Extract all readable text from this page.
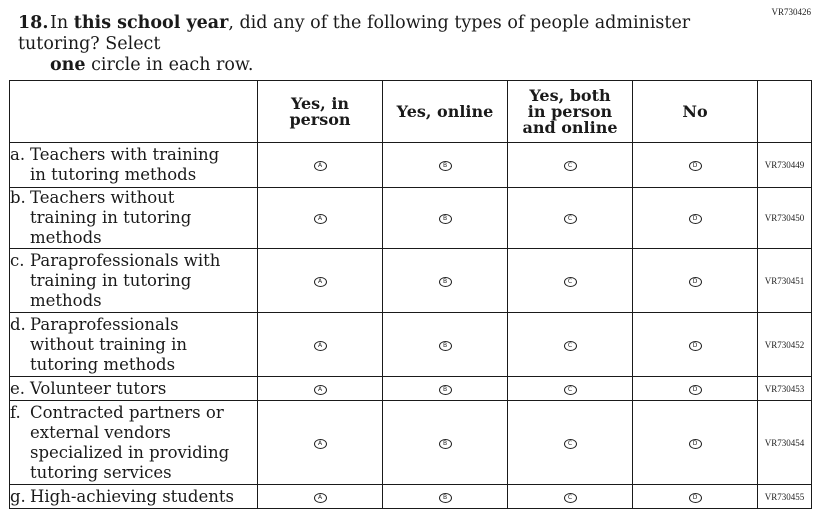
VR730426
18.In this school year, did any of the following types of people administer tutoring? Select
one circle in each row.
	Yes, in person	Yes, online	Yes, both in person and online	No	
a. Teachers with training in tutoring methods	A	B	C	D	VR730449
b. Teachers without training in tutoring methods	A	B	C	D	VR730450
c. Paraprofessionals with training in tutoring methods	A	B	C	D	VR730451
d. Paraprofessionals without training in tutoring methods	A	B	C	D	VR730452
e. Volunteer tutors	A	B	C	D	VR730453
f. Contracted partners or external vendors specialized in providing tutoring services	A	B	C	D	VR730454
g. High-achieving students	A	B	C	D	VR730455
